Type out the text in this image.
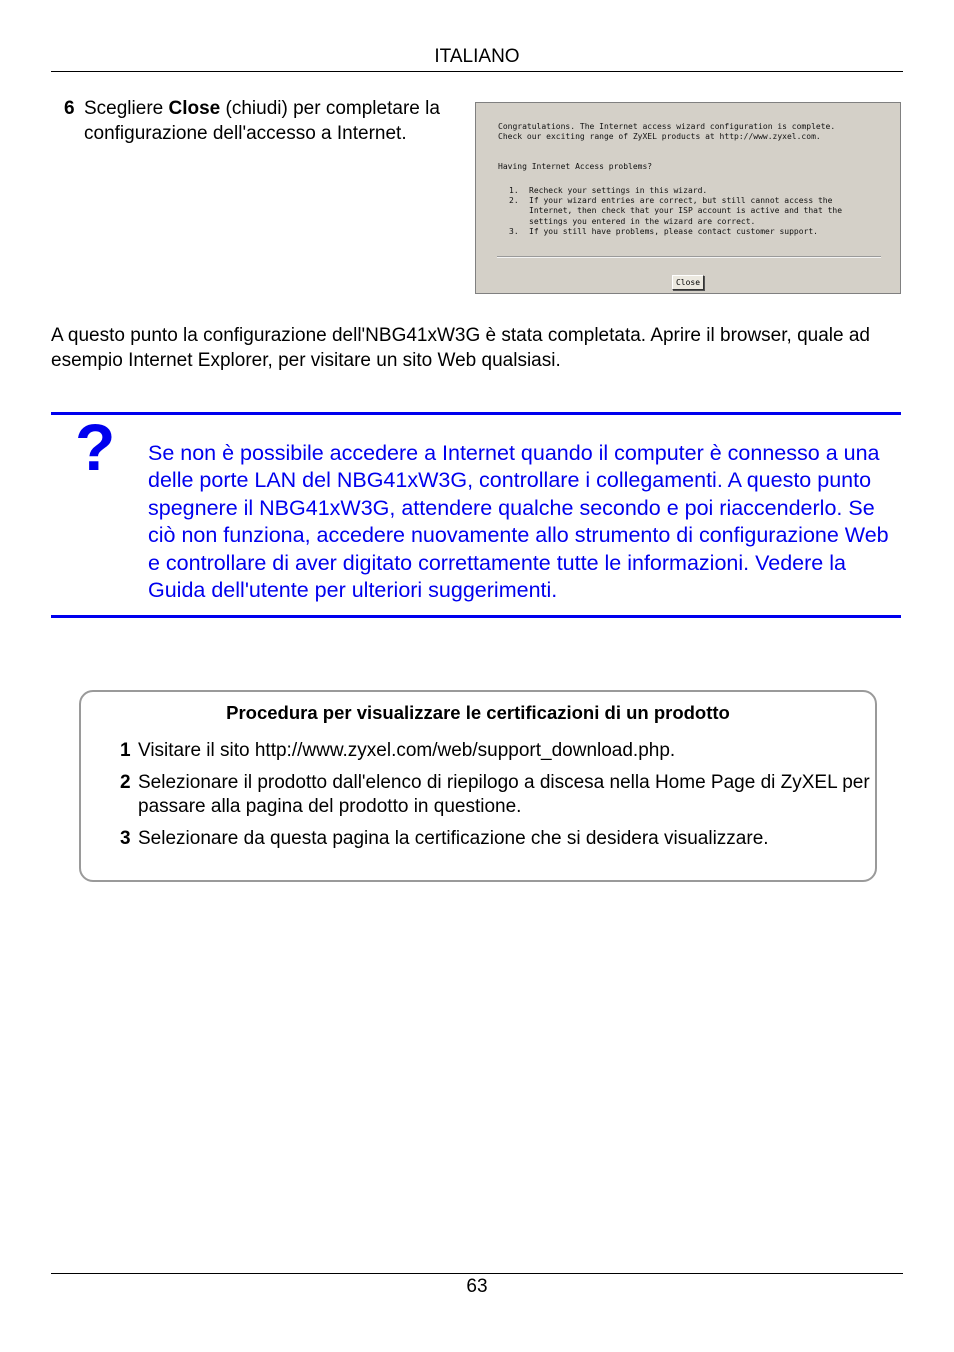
ITALIANO
6 Scegliere Close (chiudi) per completare la configurazione dell'accesso a Internet.	Congratulations. The Internet access wizard configuration is complete.
Check our exciting range of ZyXEL products at http://www.zyxel.com.
Having Internet Access problems?
1. Recheck your settings in this wizard.
2. If your wizard entries are correct, but still cannot access the Internet, then check that your ISP account is active and that the settings you entered in the wizard are correct.
3. If you still have problems, please contact customer support.
Close
A questo punto la configurazione dell'NBG41xW3G è stata completata. Aprire il browser, quale ad esempio Internet Explorer, per visitare un sito Web qualsiasi.
? Se non è possibile accedere a Internet quando il computer è connesso a una delle porte LAN del NBG41xW3G, controllare i collegamenti. A questo punto spegnere il NBG41xW3G, attendere qualche secondo e poi riaccenderlo. Se ciò non funziona, accedere nuovamente allo strumento di configurazione Web e controllare di aver digitato correttamente tutte le informazioni. Vedere la Guida dell'utente per ulteriori suggerimenti.
Procedura per visualizzare le certificazioni di un prodotto
1 Visitare il sito http://www.zyxel.com/web/support_download.php.
2 Selezionare il prodotto dall'elenco di riepilogo a discesa nella Home Page di ZyXEL per passare alla pagina del prodotto in questione.
3 Selezionare da questa pagina la certificazione che si desidera visualizzare.
63
